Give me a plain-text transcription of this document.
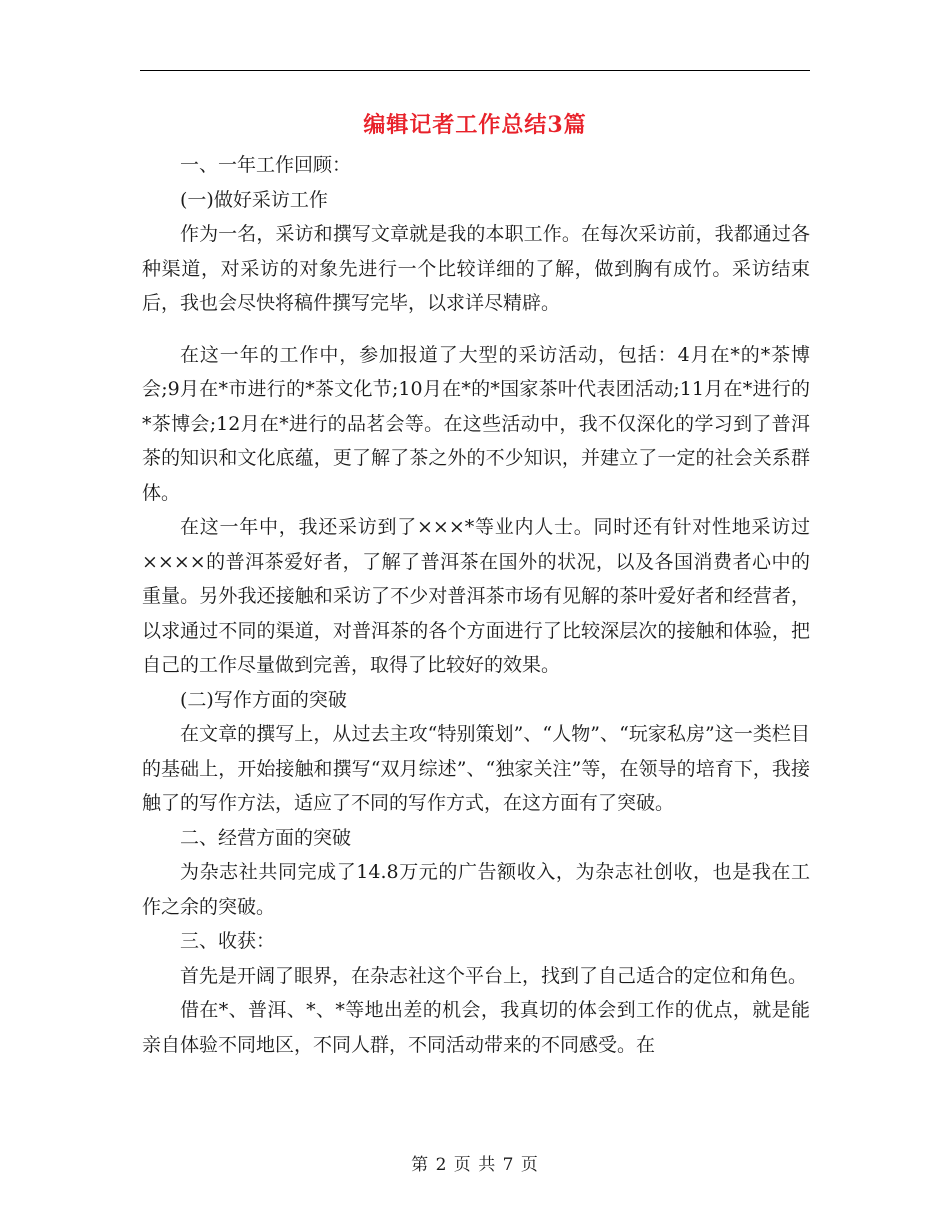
编辑记者工作总结3篇

一、一年工作回顾：

(一)做好采访工作

作为一名，采访和撰写文章就是我的本职工作。在每次采访前，我都通过各种渠道，对采访的对象先进行一个比较详细的了解，做到胸有成竹。采访结束后，我也会尽快将稿件撰写完毕，以求详尽精辟。

在这一年的工作中，参加报道了大型的采访活动，包括：4月在*的*茶博会;9月在*市进行的*茶文化节;10月在*的*国家茶叶代表团活动;11月在*进行的*茶博会;12月在*进行的品茗会等。在这些活动中，我不仅深化的学习到了普洱茶的知识和文化底蕴，更了解了茶之外的不少知识，并建立了一定的社会关系群体。

在这一年中，我还采访到了×××*等业内人士。同时还有针对性地采访过××××的普洱茶爱好者，了解了普洱茶在国外的状况，以及各国消费者心中的重量。另外我还接触和采访了不少对普洱茶市场有见解的茶叶爱好者和经营者，以求通过不同的渠道，对普洱茶的各个方面进行了比较深层次的接触和体验，把自己的工作尽量做到完善，取得了比较好的效果。

(二)写作方面的突破

在文章的撰写上，从过去主攻“特别策划”、“人物”、“玩家私房”这一类栏目的基础上，开始接触和撰写“双月综述”、“独家关注”等，在领导的培育下，我接触了的写作方法，适应了不同的写作方式，在这方面有了突破。

二、经营方面的突破

为杂志社共同完成了14.8万元的广告额收入，为杂志社创收，也是我在工作之余的突破。

三、收获：

首先是开阔了眼界，在杂志社这个平台上，找到了自己适合的定位和角色。

借在*、普洱、*、*等地出差的机会，我真切的体会到工作的优点，就是能亲自体验不同地区，不同人群，不同活动带来的不同感受。在

第 2 页 共 7 页
